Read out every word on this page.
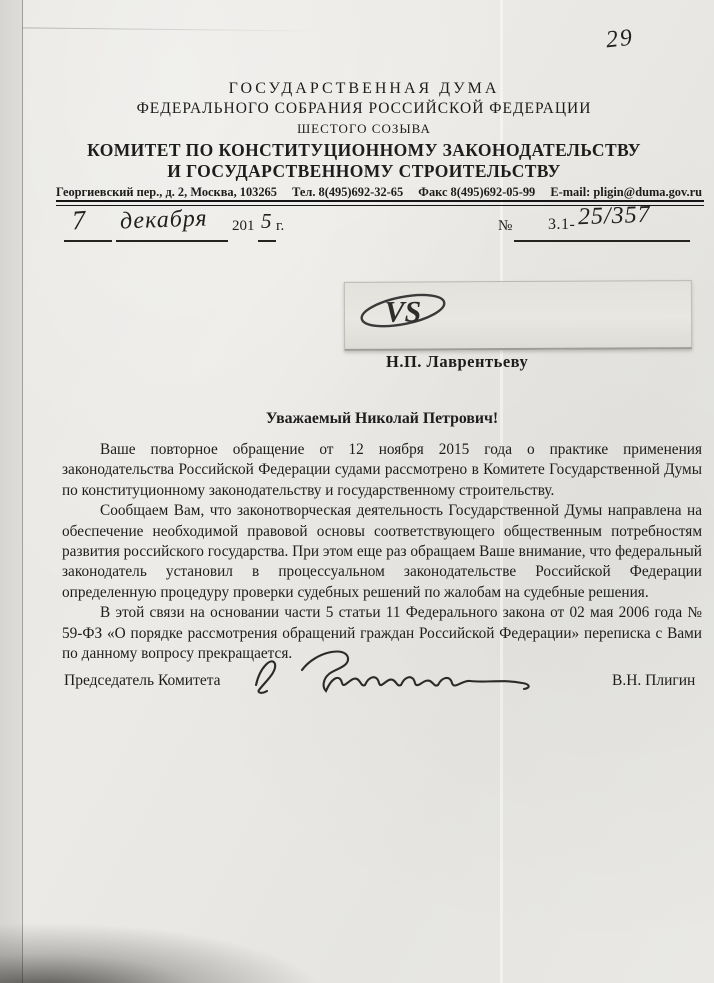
29
ГОСУДАРСТВЕННАЯ ДУМА
ФЕДЕРАЛЬНОГО СОБРАНИЯ РОССИЙСКОЙ ФЕДЕРАЦИИ
ШЕСТОГО СОЗЫВА
КОМИТЕТ ПО КОНСТИТУЦИОННОМУ ЗАКОНОДАТЕЛЬСТВУ
И ГОСУДАРСТВЕННОМУ СТРОИТЕЛЬСТВУ
Георгиевский пер., д. 2, Москва, 103265 Тел. 8(495)692-32-65 Факс 8(495)692-05-99 E-mail: pligin@duma.gov.ru
7 декабря 201 5 г.	№ 3.1- 25/357
VS
Н.П. Лаврентьеву
Уважаемый Николай Петрович!

Ваше повторное обращение от 12 ноября 2015 года о практике применения законодательства Российской Федерации судами рассмотрено в Комитете Государственной Думы по конституционному законодательству и государственному строительству.

Сообщаем Вам, что законотворческая деятельность Государственной Думы направлена на обеспечение необходимой правовой основы соответствующего общественным потребностям развития российского государства. При этом еще раз обращаем Ваше внимание, что федеральный законодатель установил в процессуальном законодательстве Российской Федерации определенную процедуру проверки судебных решений по жалобам на судебные решения.

В этой связи на основании части 5 статьи 11 Федерального закона от 02 мая 2006 года № 59-ФЗ «О порядке рассмотрения обращений граждан Российской Федерации» переписка с Вами по данному вопросу прекращается.

Председатель Комитета	В.Н. Плигин
